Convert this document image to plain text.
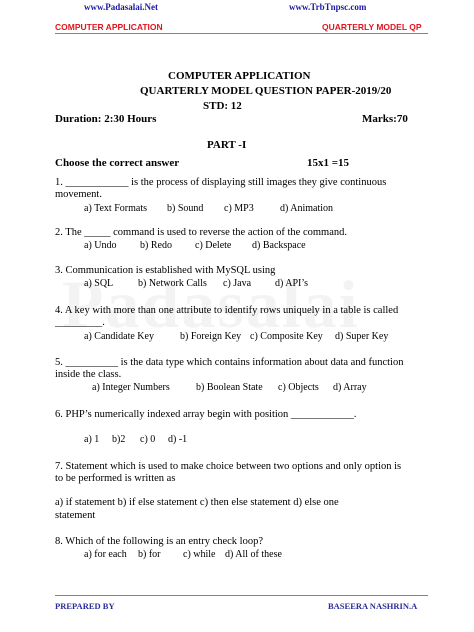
www.Padasalai.Net	www.TrbTnpsc.com
COMPUTER APPLICATION	QUARTERLY MODEL QP
COMPUTER APPLICATION
QUARTERLY MODEL QUESTION PAPER-2019/20
STD: 12
Duration: 2:30 Hours	Marks:70
PART -I
Choose the correct answer	15x1 =15
1. ____________ is the process of displaying still images they give continuous
movement.
a) Text Formats b) Sound c) MP3	d) Animation
2. The _____ command is used to reverse the action of the command.
a) Undo b) Redo c) Delete d) Backspace
3. Communication is established with MySQL using
a) SQL b) Network Calls c) Java d) API’s
4. A key with more than one attribute to identify rows uniquely in a table is called
_________.
a) Candidate Key	b) Foreign Key c) Composite Key d) Super Key
5. __________ is the data type which contains information about data and function
inside the class.
a) Integer Numbers	b) Boolean State c) Objects d) Array
6. PHP’s numerically indexed array begin with position ____________.
a) 1 b)2 c) 0 d) -1
7. Statement which is used to make choice between two options and only option is
to be performed is written as
a) if statement b) if else statement c) then else statement d) else one
statement
8. Which of the following is an entry check loop?
a) for each b) for c) while d) All of these
PREPARED BY	BASEERA NASHRIN.A
